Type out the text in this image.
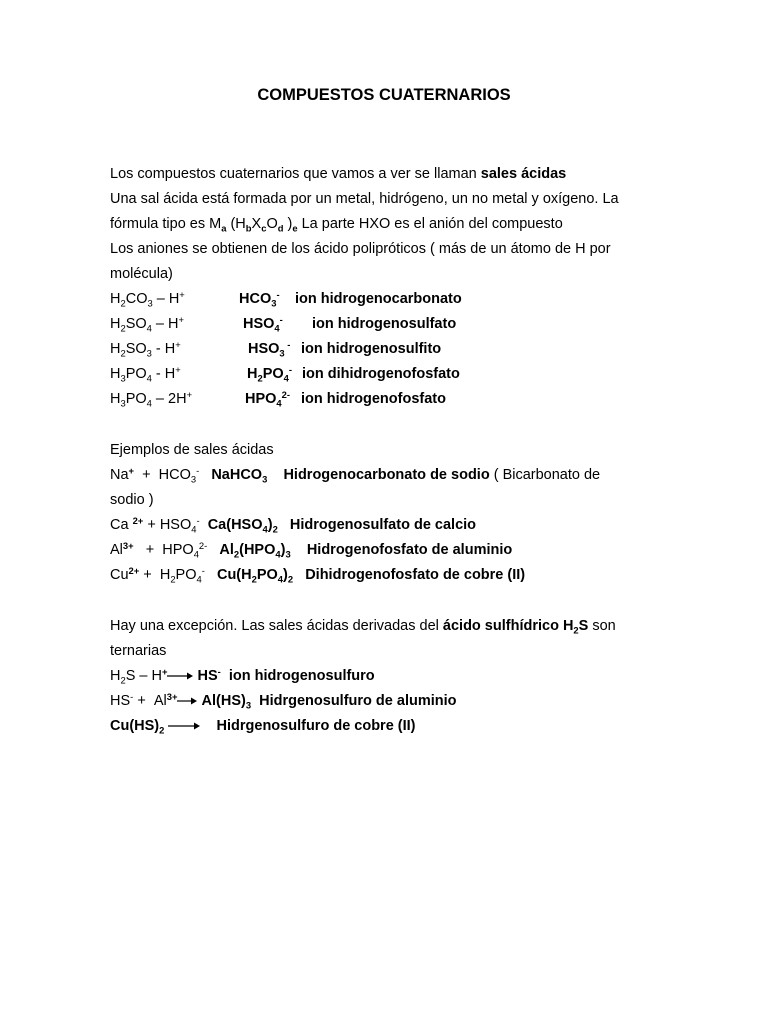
COMPUESTOS CUATERNARIOS
Los compuestos cuaternarios que vamos a ver se llaman sales ácidas
Una sal ácida está formada por un metal, hidrógeno, un no metal y oxígeno. La
fórmula tipo es $M_a$ ($H_bX_cO_d$ )$_e$ La parte HXO es el anión del compuesto
Los aniones se obtienen de los ácido polipróticos ( más de un átomo de H por
molécula)
$H_2CO_3 - H^+$	$HCO_3^-$ ion hidrogenocarbonato
$H_2SO_4 - H^+$	$HSO_4^-$ ion hidrogenosulfato
$H_2SO_3 - H^+$	$HSO_3$ - ion hidrogenosulfito
$H_3PO_4 - H^+$	$H_2PO_4^-$ ion dihidrogenofosfato
$H_3PO_4 - 2H^+$	$HPO_4^{2-}$ ion hidrogenofosfato
Ejemplos de sales ácidas
$Na^+ + HCO_3^-$ NaHCO$_3$ Hidrogenocarbonato de sodio ( Bicarbonato de
sodio )
Ca $^{2+} + HSO_4^-$ $Ca(HSO_4)_2$ Hidrogenosulfato de calcio
$Al^{3+} + HPO_4^{2-}$ $Al_2(HPO_4)_3$ Hidrogenofosfato de aluminio
$Cu^{2+} + H_2PO_4^-$ $Cu(H_2PO_4)_2$ Dihidrogenofosfato de cobre (II)
Hay una excepción. Las sales ácidas derivadas del ácido sulfhídrico $H_2S$ son
ternarias
$H_2S - H^+$ HS- ion hidrogenosulfuro
$HS^- + Al^{3+}$ $Al(HS)_3$ Hidrgenosulfuro de aluminio
$Cu(HS)_2$	Hidrgenosulfuro de cobre (II)
